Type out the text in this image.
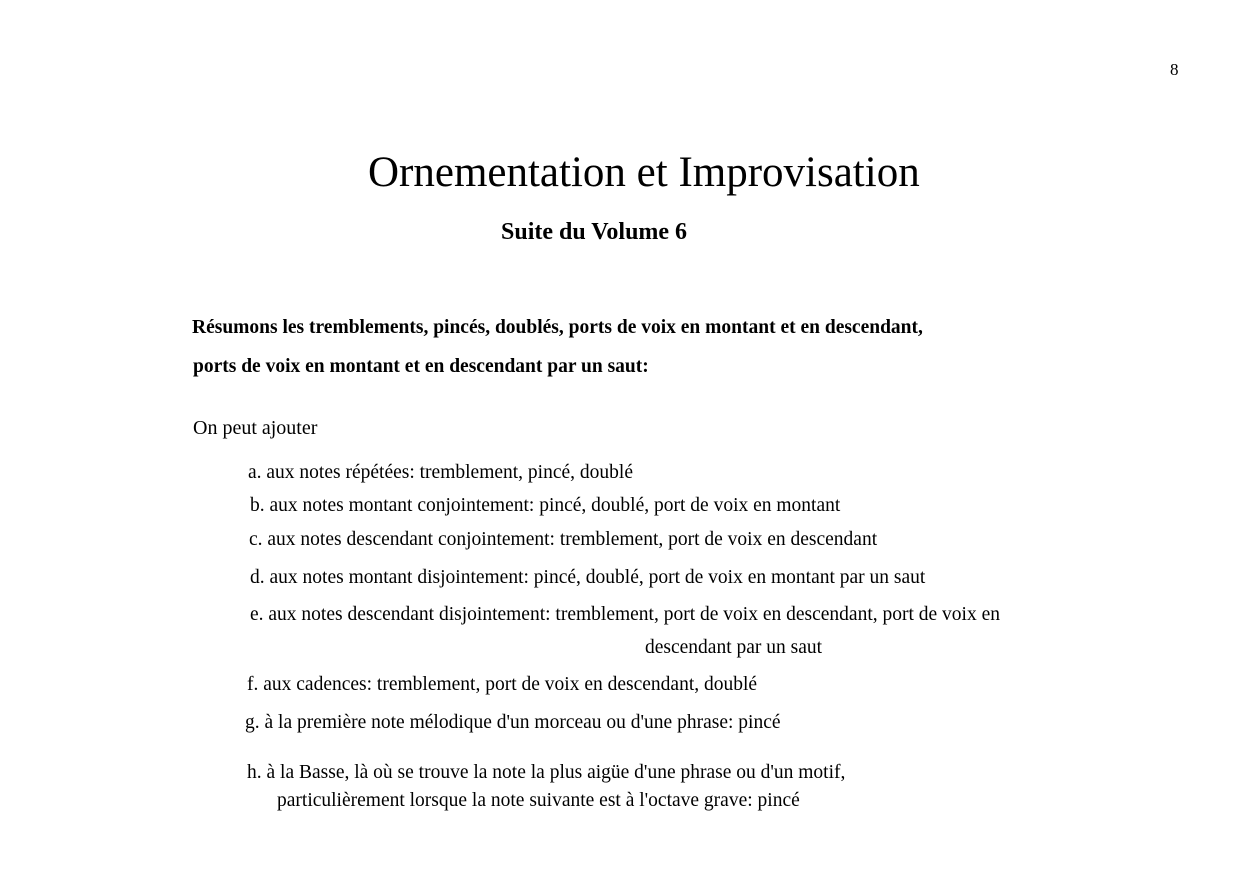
8
Ornementation et Improvisation
Suite du Volume 6
Résumons les tremblements, pincés, doublés, ports de voix en montant et en descendant,
ports de voix en montant et en descendant par un saut:
On peut ajouter
a. aux notes répétées: tremblement, pincé, doublé
b. aux notes montant conjointement: pincé, doublé, port de voix en montant
c. aux notes descendant conjointement: tremblement, port de voix en descendant
d. aux notes montant disjointement: pincé, doublé, port de voix en montant par un saut
e. aux notes descendant disjointement: tremblement, port de voix en descendant, port de voix en
descendant par un saut
f. aux cadences: tremblement, port de voix en descendant, doublé
g. à la première note mélodique d'un morceau ou d'une phrase: pincé
h. à la Basse, là où se trouve la note la plus aigüe d'une phrase ou d'un motif,
particulièrement lorsque la note suivante est à l'octave grave: pincé
